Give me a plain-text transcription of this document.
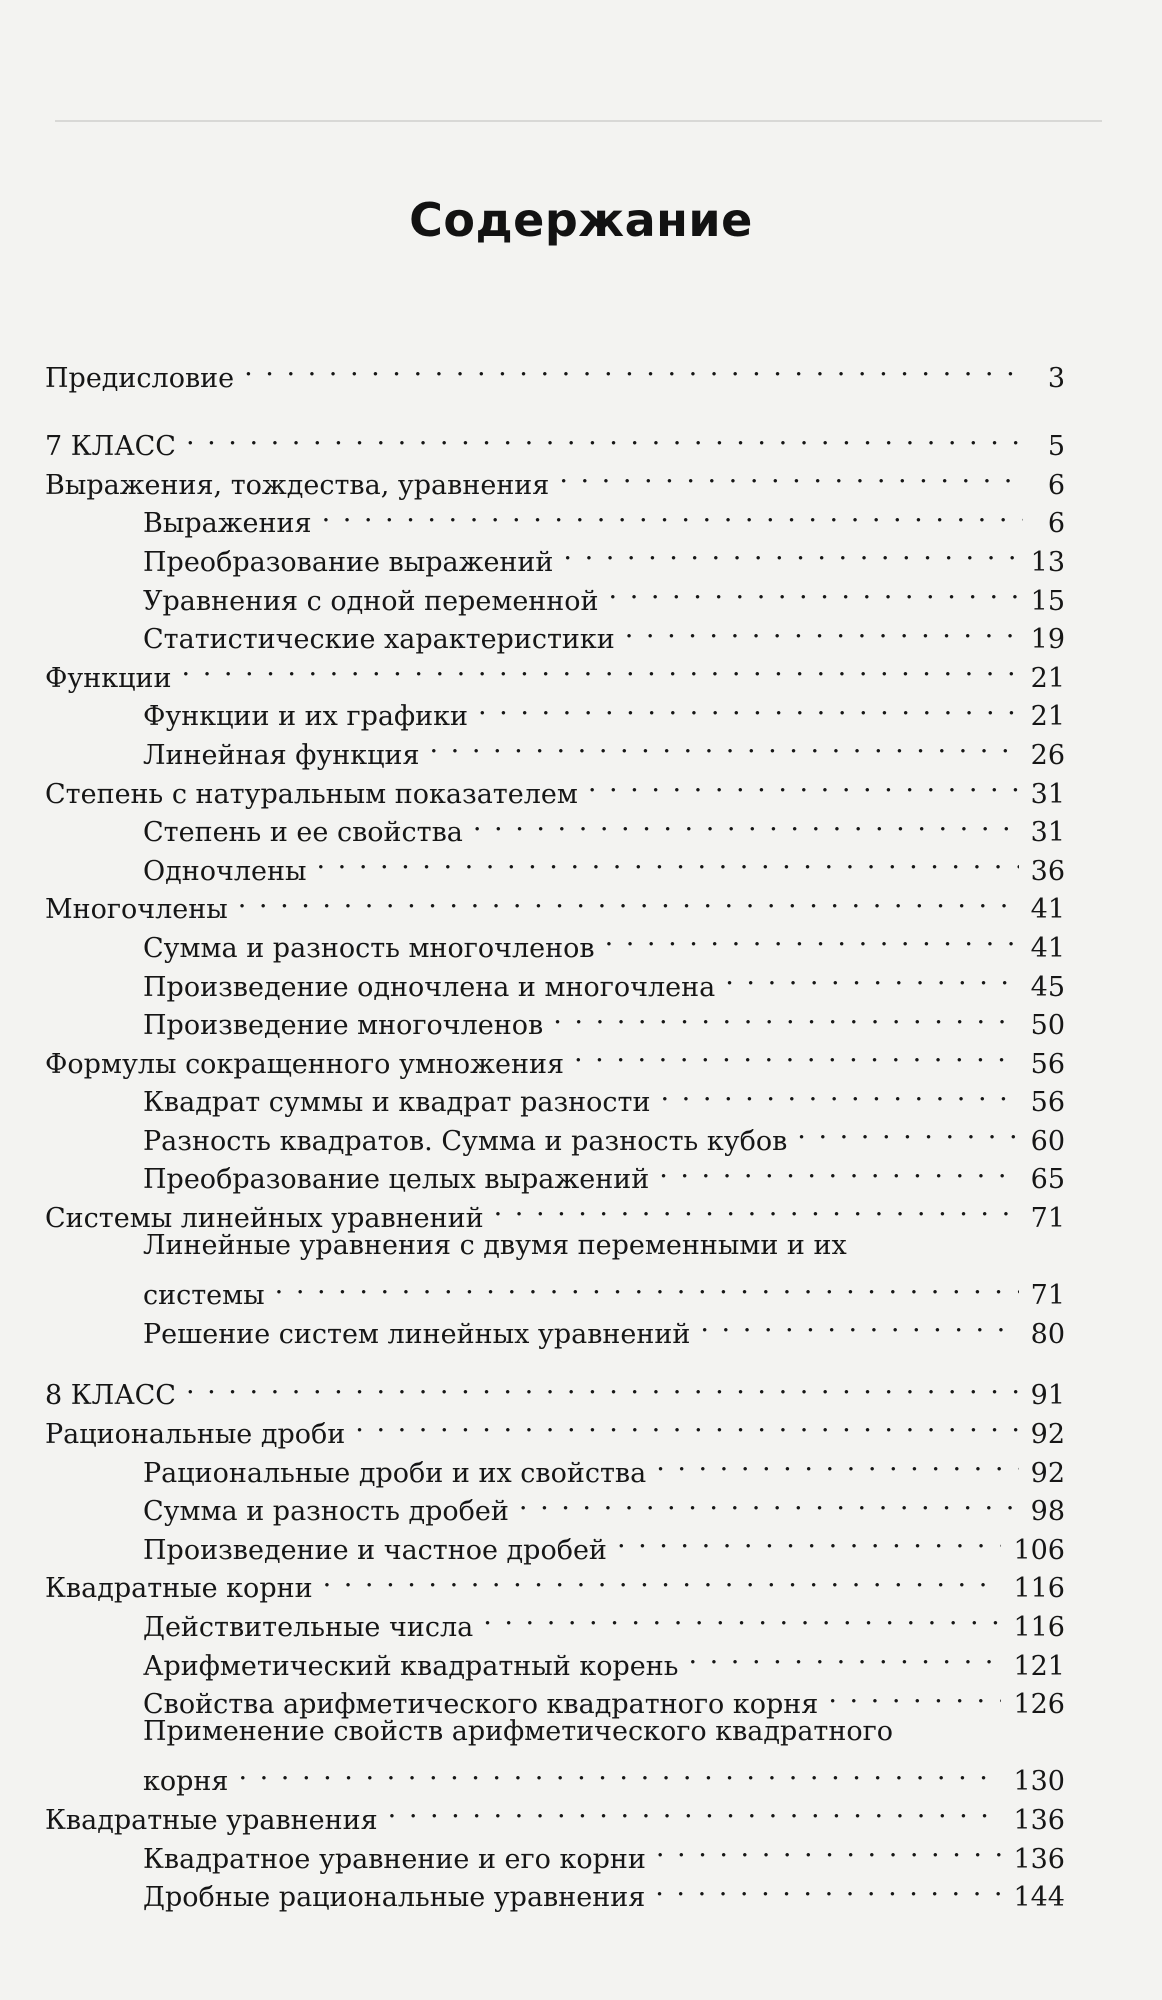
Содержание
Предисловие . . .	3
7 КЛАСС . . .	5
Выражения, тождества, уравнения . . .	6
Выражения . . .	6
Преобразование выражений . . .	13
Уравнения с одной переменной . . .	15
Статистические характеристики . . .	19
Функции . . .	21
Функции и их графики . . .	21
Линейная функция . . .	26
Степень с натуральным показателем . . .	31
Степень и ее свойства . . .	31
Одночлены . . .	36
Многочлены . . .	41
Сумма и разность многочленов . . .	41
Произведение одночлена и многочлена . . .	45
Произведение многочленов . . .	50
Формулы сокращенного умножения . . .	56
Квадрат суммы и квадрат разности . . .	56
Разность квадратов. Сумма и разность кубов . . .	60
Преобразование целых выражений . . .	65
Системы линейных уравнений . . .	71
Линейные уравнения с двумя переменными и их
системы . . .	71
Решение систем линейных уравнений . . .	80
8 КЛАСС . . .	91
Рациональные дроби . . .	92
Рациональные дроби и их свойства . . .	92
Сумма и разность дробей . . .	98
Произведение и частное дробей . . .	106
Квадратные корни . . .	116
Действительные числа . . .	116
Арифметический квадратный корень . . .	121
Свойства арифметического квадратного корня . . .	126
Применение свойств арифметического квадратного
корня . . .	130
Квадратные уравнения . . .	136
Квадратное уравнение и его корни . . .	136
Дробные рациональные уравнения . . .	144
